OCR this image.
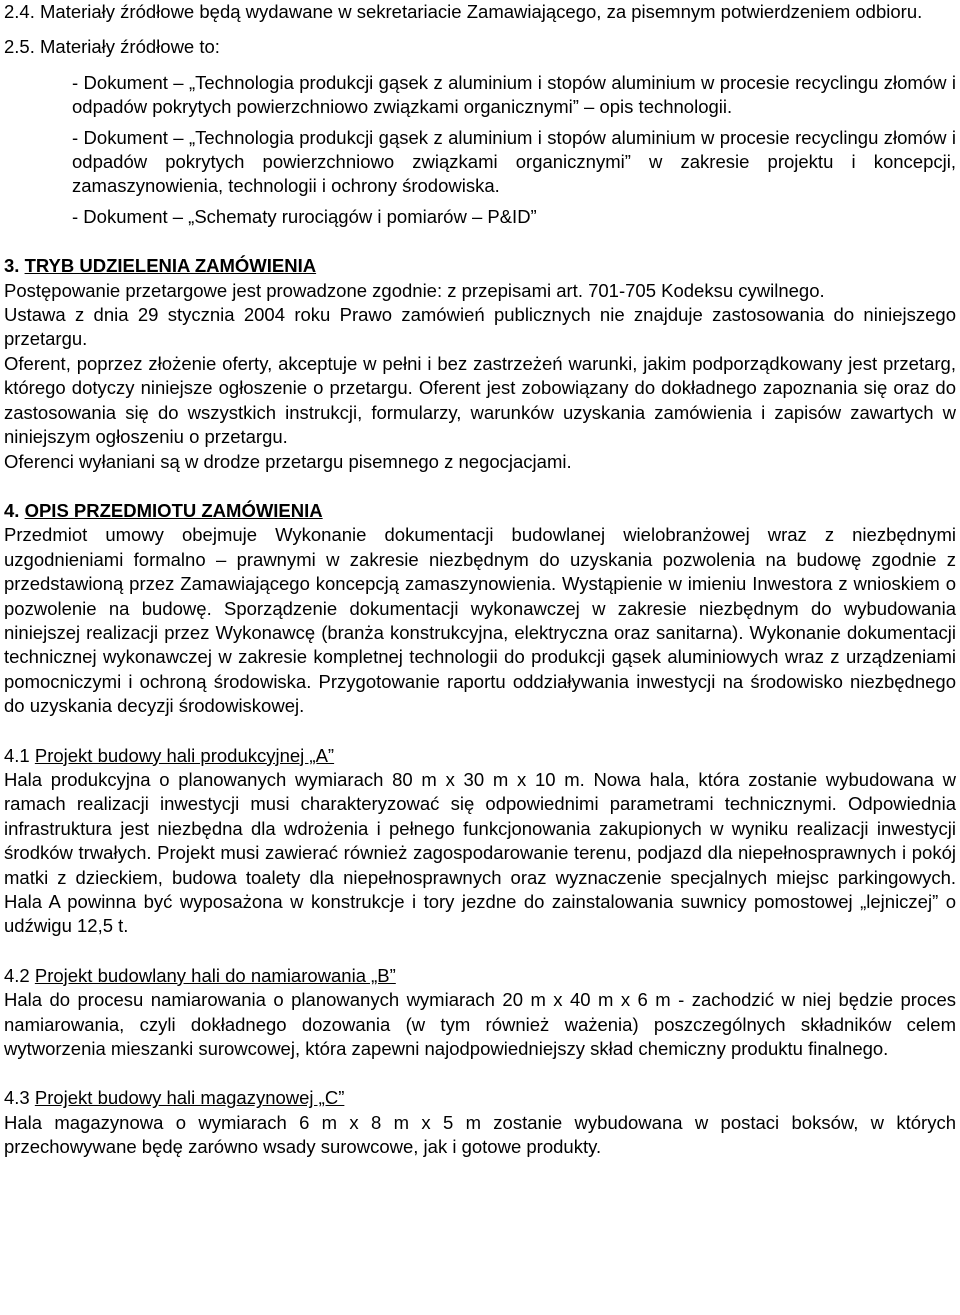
2.4. Materiały źródłowe będą wydawane w sekretariacie Zamawiającego, za pisemnym potwierdzeniem odbioru.

2.5. Materiały źródłowe to:

- Dokument – „Technologia produkcji gąsek z aluminium i stopów aluminium w procesie recyclingu złomów i odpadów pokrytych powierzchniowo związkami organicznymi” – opis technologii.

- Dokument – „Technologia produkcji gąsek z aluminium i stopów aluminium w procesie recyclingu złomów i odpadów pokrytych powierzchniowo związkami organicznymi” w zakresie projektu i koncepcji, zamaszynowienia, technologii i ochrony środowiska.

- Dokument – „Schematy rurociągów i pomiarów – P&ID”

3. TRYB UDZIELENIA ZAMÓWIENIA

Postępowanie przetargowe jest prowadzone zgodnie: z przepisami art. 701-705 Kodeksu cywilnego.

Ustawa z dnia 29 stycznia 2004 roku Prawo zamówień publicznych nie znajduje zastosowania do niniejszego przetargu.

Oferent, poprzez złożenie oferty, akceptuje w pełni i bez zastrzeżeń warunki, jakim podporządkowany jest przetarg, którego dotyczy niniejsze ogłoszenie o przetargu. Oferent jest zobowiązany do dokładnego zapoznania się oraz do zastosowania się do wszystkich instrukcji, formularzy, warunków uzyskania zamówienia i zapisów zawartych w niniejszym ogłoszeniu o przetargu.

Oferenci wyłaniani są w drodze przetargu pisemnego z negocjacjami.

4. OPIS PRZEDMIOTU ZAMÓWIENIA

Przedmiot umowy obejmuje Wykonanie dokumentacji budowlanej wielobranżowej wraz z niezbędnymi uzgodnieniami formalno – prawnymi w zakresie niezbędnym do uzyskania pozwolenia na budowę zgodnie z przedstawioną przez Zamawiającego koncepcją zamaszynowienia. Wystąpienie w imieniu Inwestora z wnioskiem o pozwolenie na budowę. Sporządzenie dokumentacji wykonawczej w zakresie niezbędnym do wybudowania niniejszej realizacji przez Wykonawcę (branża konstrukcyjna, elektryczna oraz sanitarna). Wykonanie dokumentacji technicznej wykonawczej w zakresie kompletnej technologii do produkcji gąsek aluminiowych wraz z urządzeniami pomocniczymi i ochroną środowiska. Przygotowanie raportu oddziaływania inwestycji na środowisko niezbędnego do uzyskania decyzji środowiskowej.

4.1 Projekt budowy hali produkcyjnej „A”

Hala produkcyjna o planowanych wymiarach 80 m x 30 m x 10 m. Nowa hala, która zostanie wybudowana w ramach realizacji inwestycji musi charakteryzować się odpowiednimi parametrami technicznymi. Odpowiednia infrastruktura jest niezbędna dla wdrożenia i pełnego funkcjonowania zakupionych w wyniku realizacji inwestycji środków trwałych. Projekt musi zawierać również zagospodarowanie terenu, podjazd dla niepełnosprawnych i pokój matki z dzieckiem, budowa toalety dla niepełnosprawnych oraz wyznaczenie specjalnych miejsc parkingowych. Hala A powinna być wyposażona w konstrukcje i tory jezdne do zainstalowania suwnicy pomostowej „lejniczej” o udźwigu 12,5 t.

4.2 Projekt budowlany hali do namiarowania „B”

Hala do procesu namiarowania o planowanych wymiarach 20 m x 40 m x 6 m - zachodzić w niej będzie proces namiarowania, czyli dokładnego dozowania (w tym również ważenia) poszczególnych składników celem wytworzenia mieszanki surowcowej, która zapewni najodpowiedniejszy skład chemiczny produktu finalnego.

4.3 Projekt budowy hali magazynowej „C”

Hala magazynowa o wymiarach 6 m x 8 m x 5 m zostanie wybudowana w postaci boksów, w których przechowywane będę zarówno wsady surowcowe, jak i gotowe produkty.
